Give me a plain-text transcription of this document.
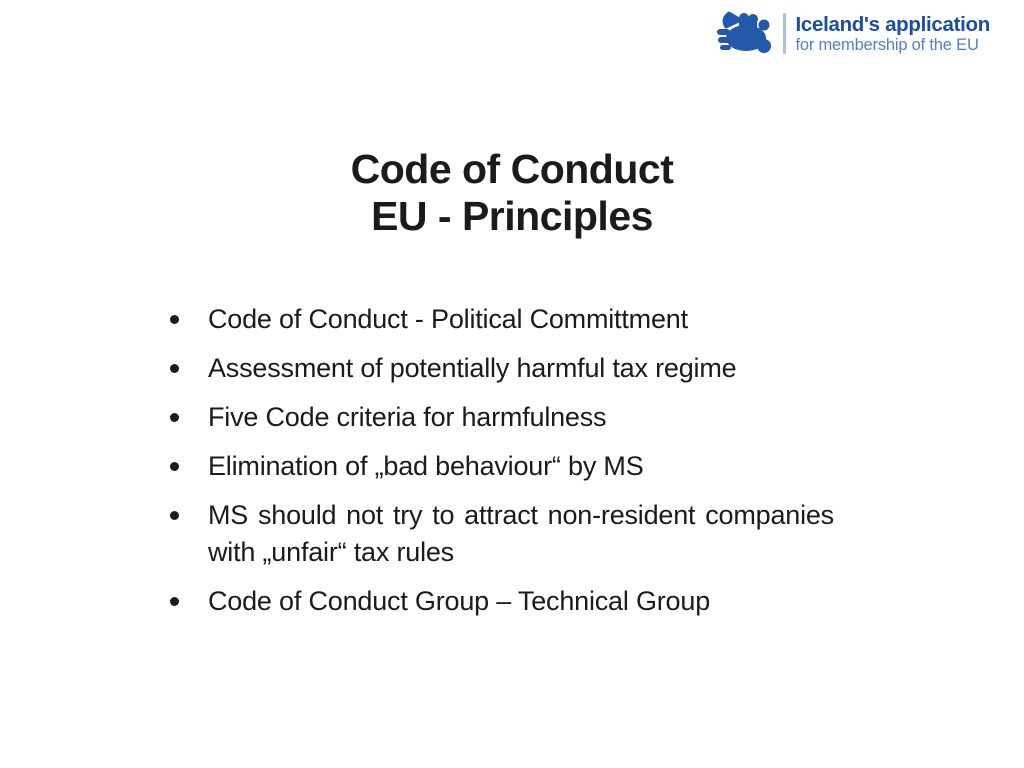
Iceland's application
for membership of the EU
Code of Conduct
EU - Principles

Code of Conduct - Political Committment

Assessment of potentially harmful tax regime

Five Code criteria for harmfulness

Elimination of „bad behaviour“ by MS

MS should not try to attract non-resident companies with „unfair“ tax rules

Code of Conduct Group – Technical Group
